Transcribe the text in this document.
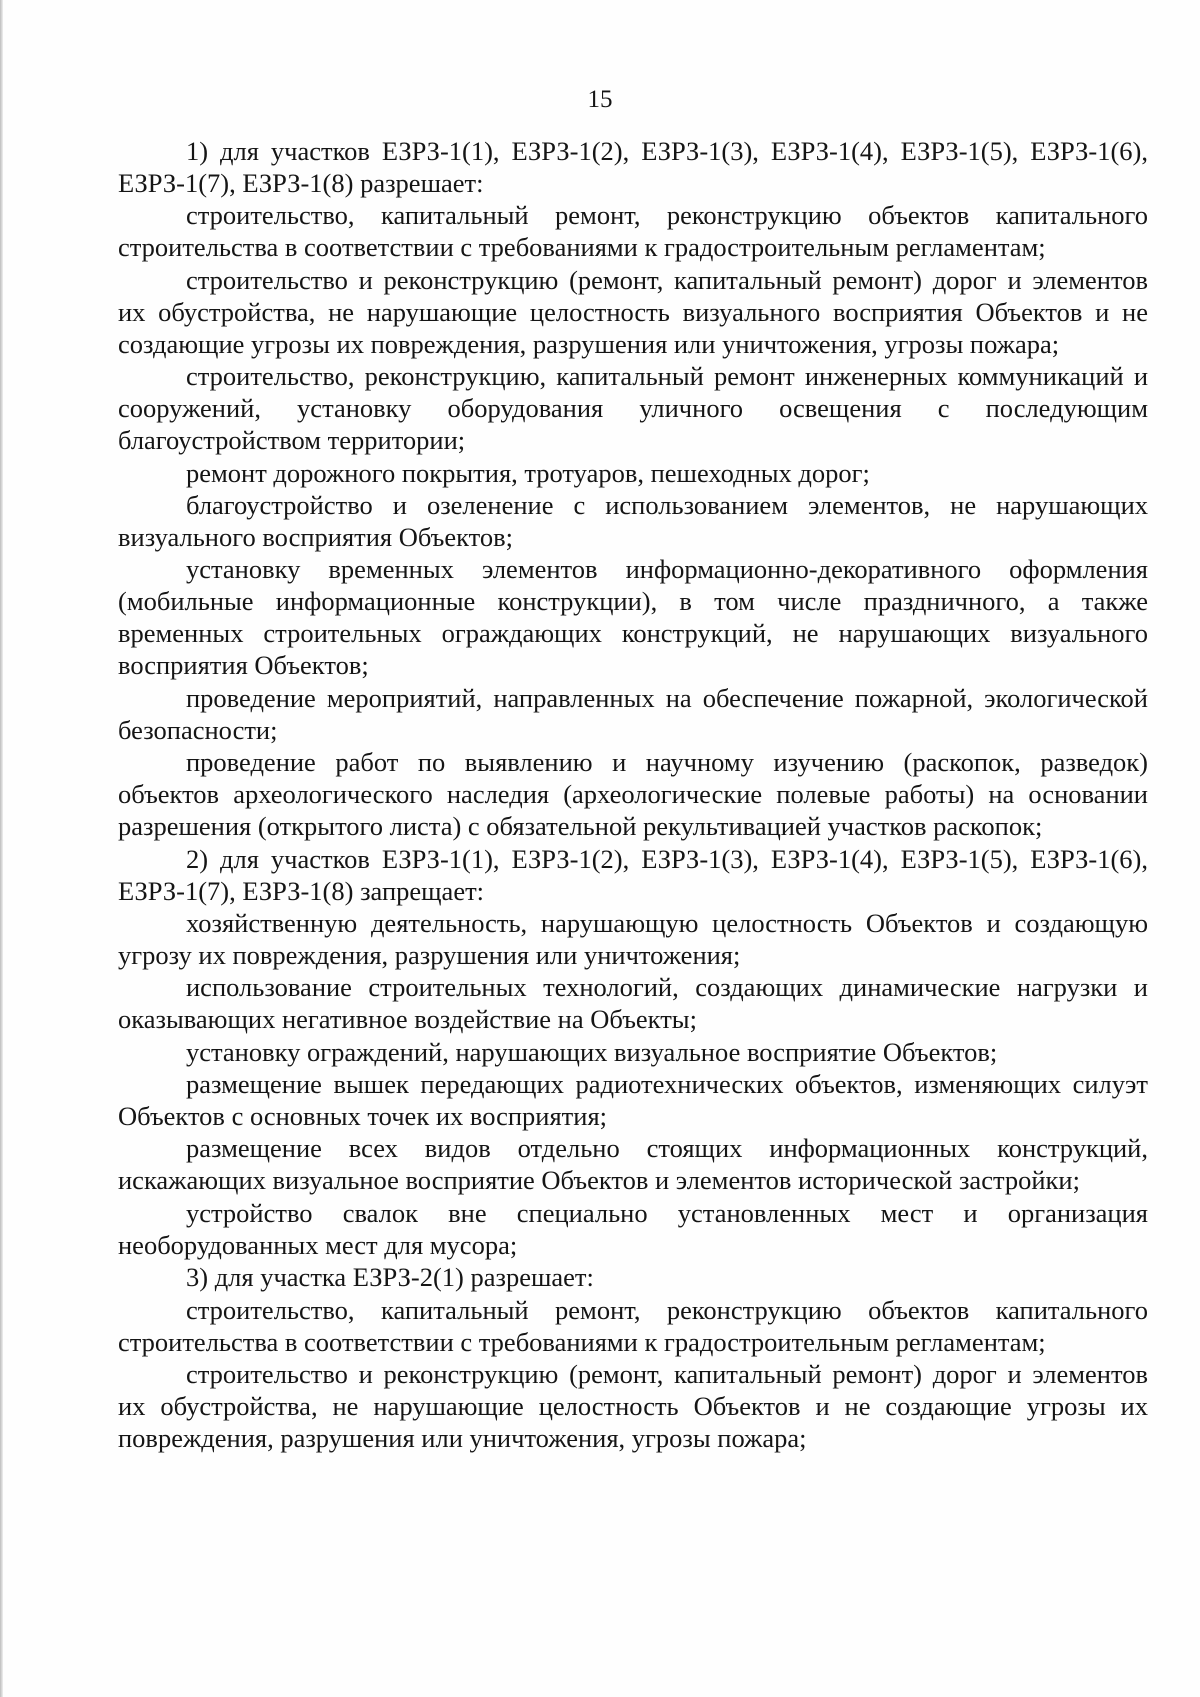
15

1) для участков ЕЗРЗ-1(1), ЕЗРЗ-1(2), ЕЗРЗ-1(3), ЕЗРЗ-1(4), ЕЗРЗ-1(5), ЕЗРЗ-1(6), ЕЗРЗ-1(7), ЕЗРЗ-1(8) разрешает:

строительство, капитальный ремонт, реконструкцию объектов капитального строительства в соответствии с требованиями к градостроительным регламентам;

строительство и реконструкцию (ремонт, капитальный ремонт) дорог и элементов их обустройства, не нарушающие целостность визуального восприятия Объектов и не создающие угрозы их повреждения, разрушения или уничтожения, угрозы пожара;

строительство, реконструкцию, капитальный ремонт инженерных коммуникаций и сооружений, установку оборудования уличного освещения с последующим благоустройством территории;

ремонт дорожного покрытия, тротуаров, пешеходных дорог;

благоустройство и озеленение с использованием элементов, не нарушающих визуального восприятия Объектов;

установку временных элементов информационно-декоративного оформления (мобильные информационные конструкции), в том числе праздничного, а также временных строительных ограждающих конструкций, не нарушающих визуального восприятия Объектов;

проведение мероприятий, направленных на обеспечение пожарной, экологической безопасности;

проведение работ по выявлению и научному изучению (раскопок, разведок) объектов археологического наследия (археологические полевые работы) на основании разрешения (открытого листа) с обязательной рекультивацией участков раскопок;

2) для участков ЕЗРЗ-1(1), ЕЗРЗ-1(2), ЕЗРЗ-1(3), ЕЗРЗ-1(4), ЕЗРЗ-1(5), ЕЗРЗ-1(6), ЕЗРЗ-1(7), ЕЗРЗ-1(8) запрещает:

хозяйственную деятельность, нарушающую целостность Объектов и создающую угрозу их повреждения, разрушения или уничтожения;

использование строительных технологий, создающих динамические нагрузки и оказывающих негативное воздействие на Объекты;

установку ограждений, нарушающих визуальное восприятие Объектов;

размещение вышек передающих радиотехнических объектов, изменяющих силуэт Объектов с основных точек их восприятия;

размещение всех видов отдельно стоящих информационных конструкций, искажающих визуальное восприятие Объектов и элементов исторической застройки;

устройство свалок вне специально установленных мест и организация необорудованных мест для мусора;

3) для участка ЕЗРЗ-2(1) разрешает:

строительство, капитальный ремонт, реконструкцию объектов капитального строительства в соответствии с требованиями к градостроительным регламентам;

строительство и реконструкцию (ремонт, капитальный ремонт) дорог и элементов их обустройства, не нарушающие целостность Объектов и не создающие угрозы их повреждения, разрушения или уничтожения, угрозы пожара;
